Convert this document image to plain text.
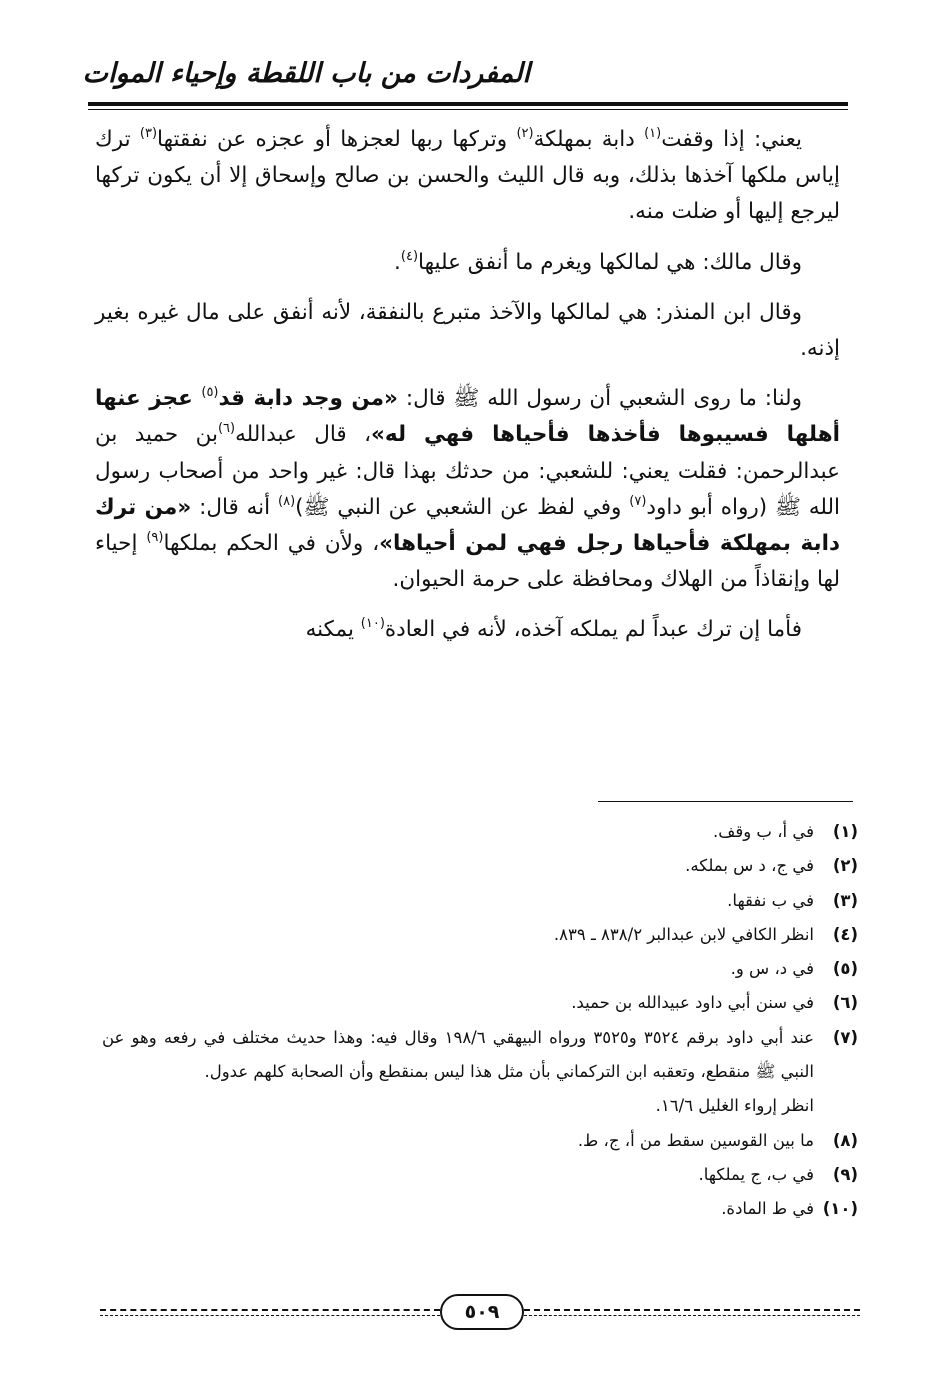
المفردات من باب اللقطة وإحياء الموات

يعني: إذا وقفت$^{(١)}$ دابة بمهلكة$^{(٢)}$ وتركها ربها لعجزها أو عجزه عن نفقتها$^{(٣)}$ ترك إياس ملكها آخذها بذلك، وبه قال الليث والحسن بن صالح وإسحاق إلا أن يكون تركها ليرجع إليها أو ضلت منه.

وقال مالك: هي لمالكها ويغرم ما أنفق عليها$^{(٤)}$.

وقال ابن المنذر: هي لمالكها والآخذ متبرع بالنفقة، لأنه أنفق على مال غيره بغير إذنه.

ولنا: ما روى الشعبي أن رسول الله ﷺ قال: «من وجد دابة قد$^{(٥)}$ عجز عنها أهلها فسيبوها فأخذها فأحياها فهي له»، قال عبدالله$^{(٦)}$بن حميد بن عبدالرحمن: فقلت يعني: للشعبي: من حدثك بهذا قال: غير واحد من أصحاب رسول الله ﷺ (رواه أبو داود$^{(٧)}$ وفي لفظ عن الشعبي عن النبي ﷺ)$^{(٨)}$ أنه قال: «من ترك دابة بمهلكة فأحياها رجل فهي لمن أحياها»، ولأن في الحكم بملكها$^{(٩)}$ إحياء لها وإنقاذاً من الهلاك ومحافظة على حرمة الحيوان.

فأما إن ترك عبداً لم يملكه آخذه، لأنه في العادة$^{(١٠)}$ يمكنه

(١)
في أ، ب وقف.
(٢)
في ج، د س بملكه.
(٣)
في ب نفقها.
(٤)
انظر الكافي لابن عبدالبر ٨٣٨/٢ ـ ٨٣٩.
(٥)
في د، س و.
(٦)
في سنن أبي داود عبيدالله بن حميد.
(٧)
عند أبي داود برقم ٣٥٢٤ و٣٥٢٥ ورواه البيهقي ١٩٨/٦ وقال فيه: وهذا حديث مختلف في رفعه وهو عن النبي ﷺ منقطع، وتعقبه ابن التركماني بأن مثل هذا ليس بمنقطع وأن الصحابة كلهم عدول.
انظر إرواء الغليل ١٦/٦.
(٨)
ما بين القوسين سقط من أ، ج، ط.
(٩)
في ب، ج يملكها.
(١٠)
في ط المادة.
٥٠٩
